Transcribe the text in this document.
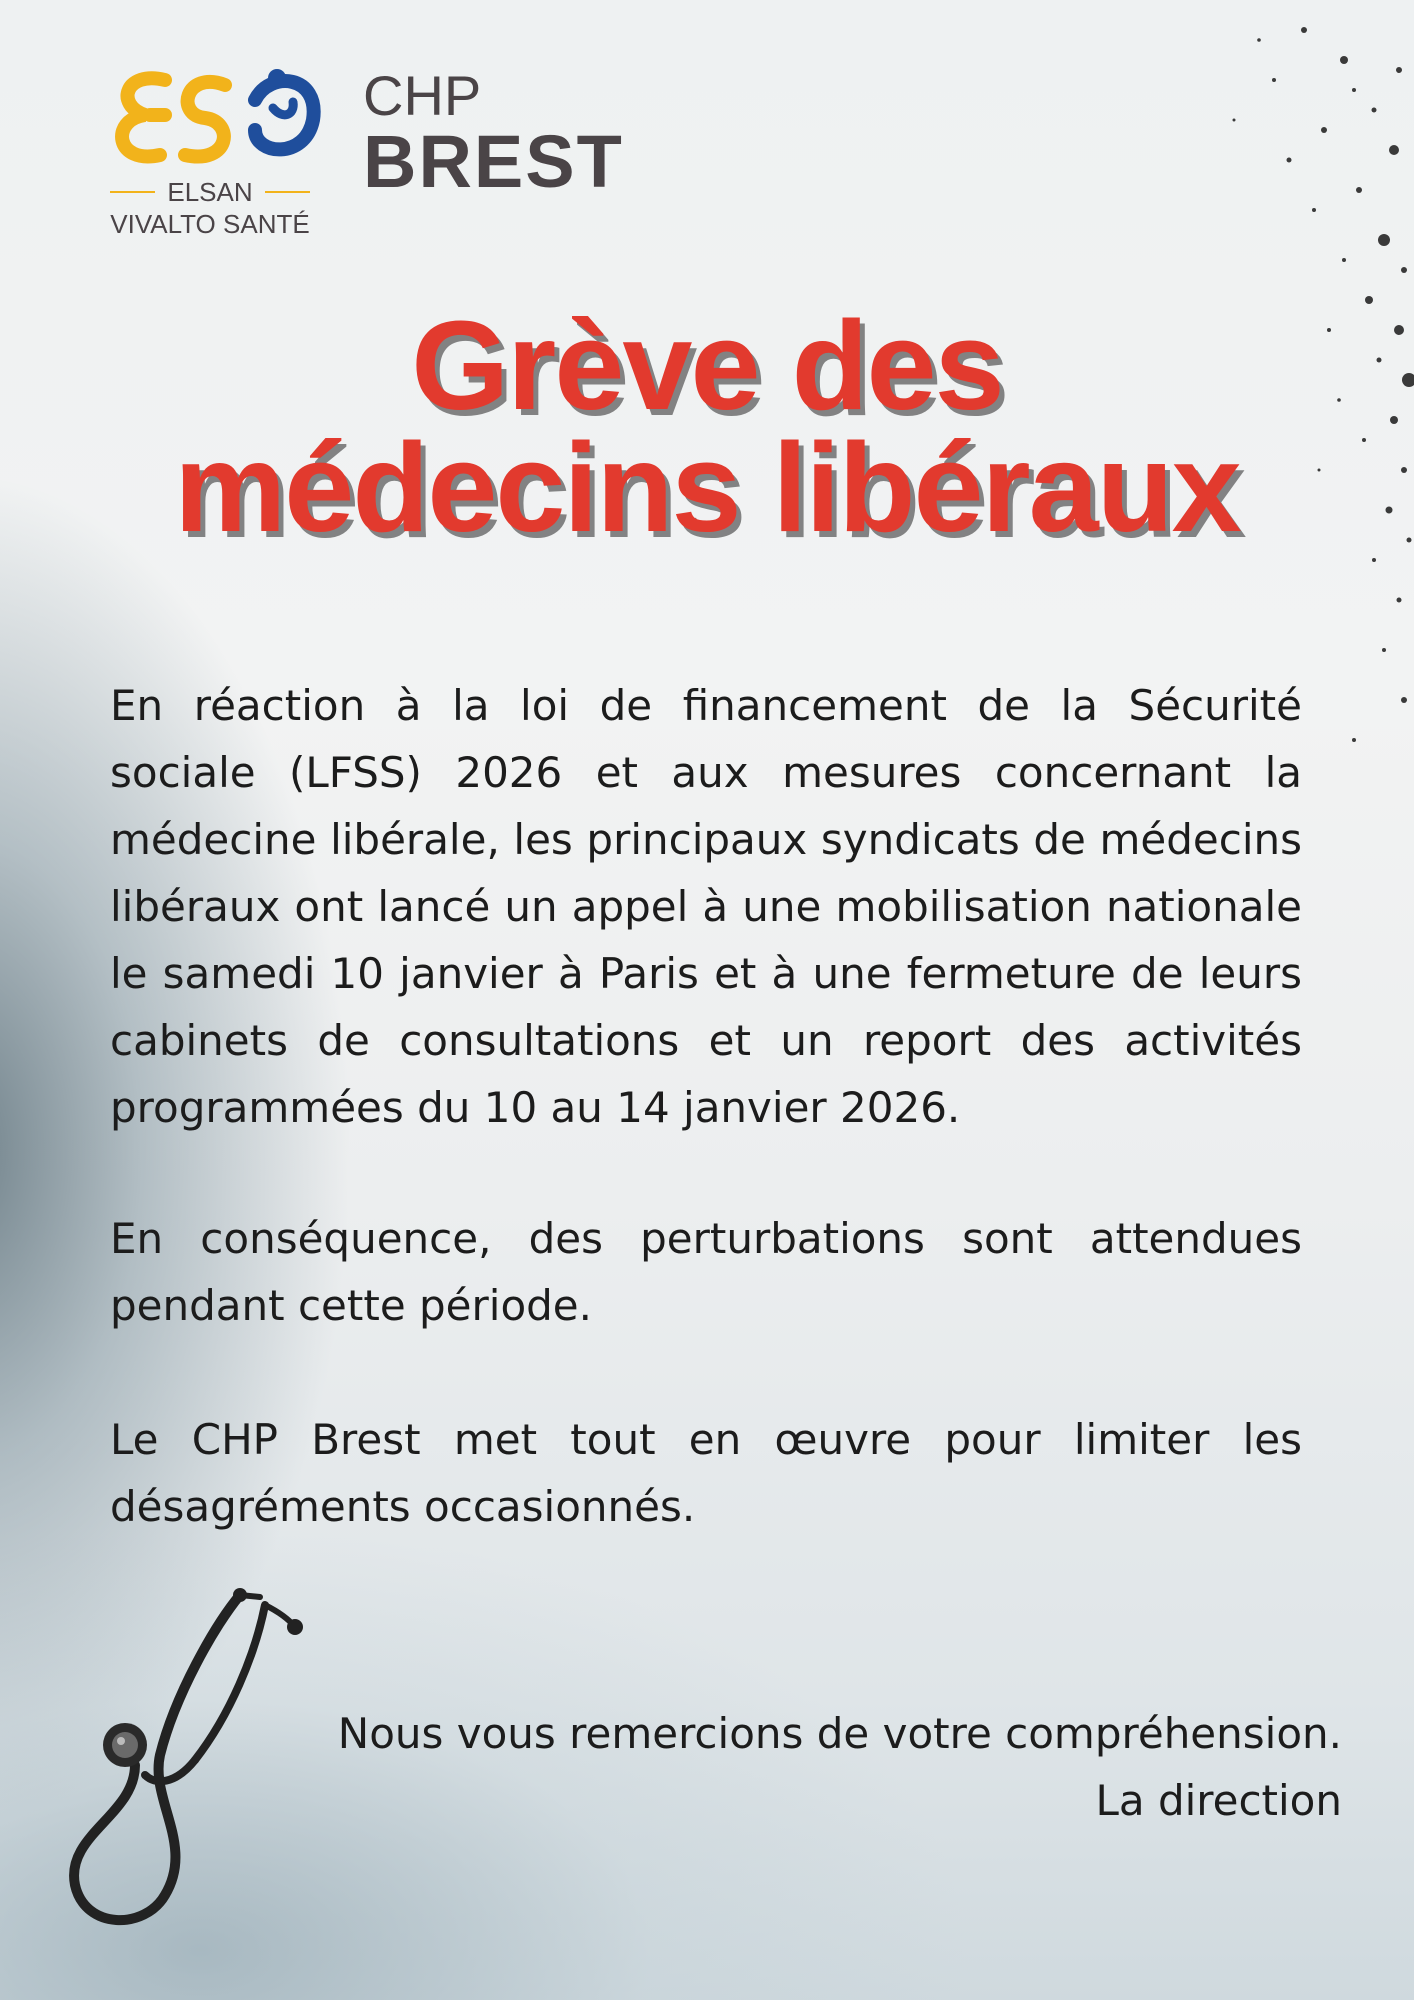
ELSAN
VIVALTO SANTÉ
CHP
BREST
Grève des
médecins libéraux
En réaction à la loi de financement de la Sécurité sociale (LFSS) 2026 et aux mesures concernant la médecine libérale, les principaux syndicats de médecins libéraux ont lancé un appel à une mobilisation nationale le samedi 10 janvier à Paris et à une fermeture de leurs cabinets de consultations et un report des activités programmées du 10 au 14 janvier 2026.
En conséquence, des perturbations sont attendues pendant cette période.
Le CHP Brest met tout en œuvre pour limiter les désagréments occasionnés.
Nous vous remercions de votre compréhension.
La direction
